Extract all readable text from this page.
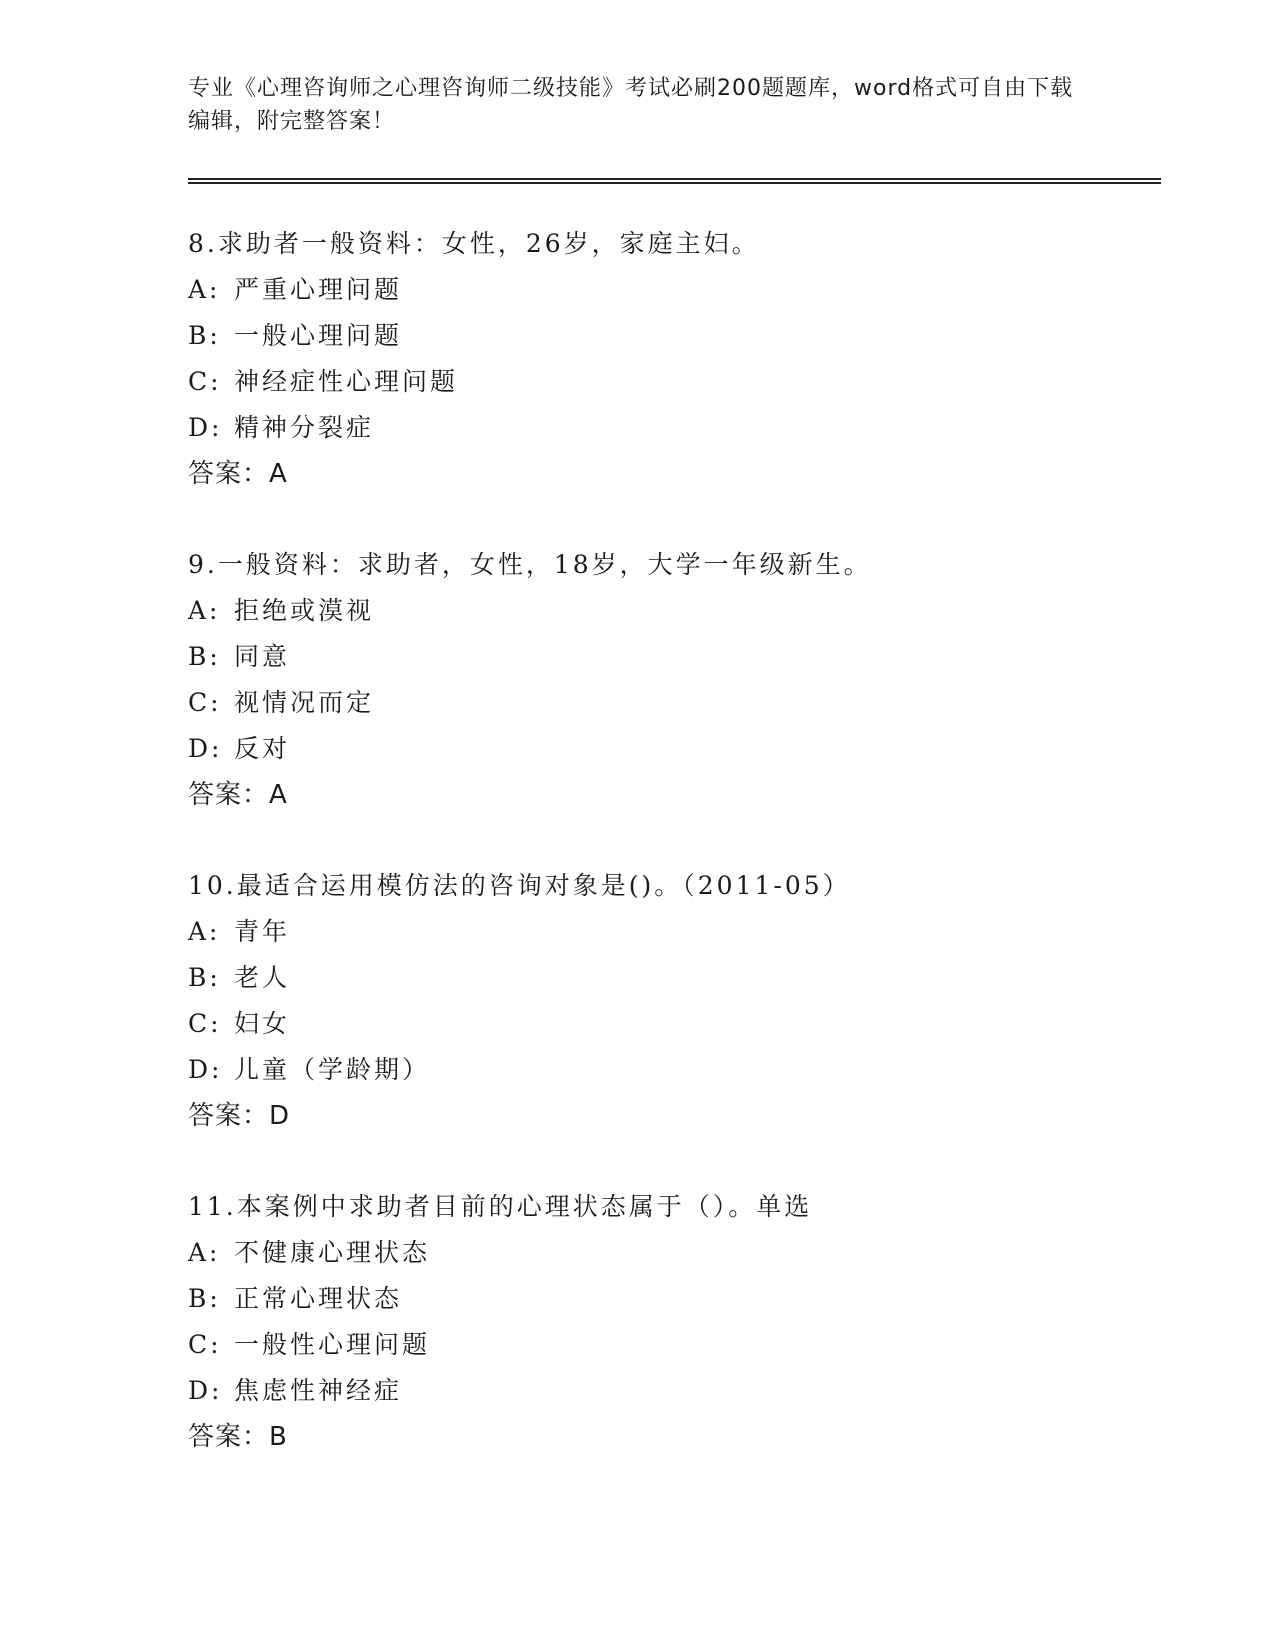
专业《心理咨询师之心理咨询师二级技能》考试必刷200题题库，word格式可自由下载编辑，附完整答案！
8.求助者一般资料：女性，26岁，家庭主妇。
A: 严重心理问题
B: 一般心理问题
C: 神经症性心理问题
D: 精神分裂症
答案：A
9.一般资料：求助者，女性，18岁，大学一年级新生。
A: 拒绝或漠视
B: 同意
C: 视情况而定
D: 反对
答案：A
10.最适合运用模仿法的咨询对象是()。（2011-05）
A: 青年
B: 老人
C: 妇女
D: 儿童（学龄期）
答案：D
11.本案例中求助者目前的心理状态属于（）。单选
A: 不健康心理状态
B: 正常心理状态
C: 一般性心理问题
D: 焦虑性神经症
答案：B
